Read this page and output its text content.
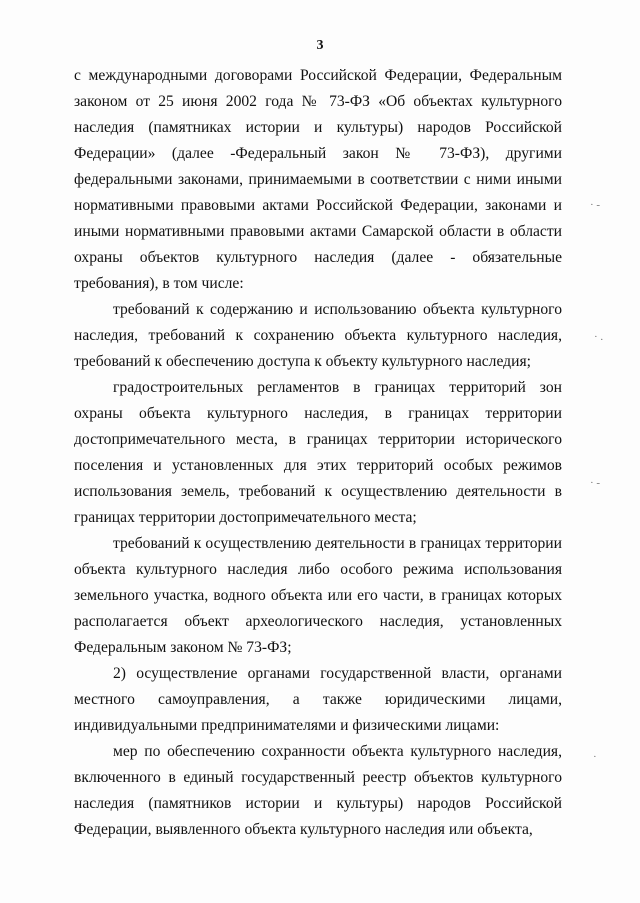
3

с международными договорами Российской Федерации, Федеральным законом от 25 июня 2002 года № 73-ФЗ «Об объектах культурного наследия (памятниках истории и культуры) народов Российской Федерации» (далее -Федеральный закон № 73-ФЗ), другими федеральными законами, принимаемыми в соответствии с ними иными нормативными правовыми актами Российской Федерации, законами и иными нормативными правовыми актами Самарской области в области охраны объектов культурного наследия (далее - обязательные требования), в том числе:

требований к содержанию и использованию объекта культурного наследия, требований к сохранению объекта культурного наследия, требований к обеспечению доступа к объекту культурного наследия;

градостроительных регламентов в границах территорий зон охраны объекта культурного наследия, в границах территории достопримечательного места, в границах территории исторического поселения и установленных для этих территорий особых режимов использования земель, требований к осуществлению деятельности в границах территории достопримечательного места;

требований к осуществлению деятельности в границах территории объекта культурного наследия либо особого режима использования земельного участка, водного объекта или его части, в границах которых располагается объект археологического наследия, установленных Федеральным законом № 73-ФЗ;

2) осуществление органами государственной власти, органами местного самоуправления, а также юридическими лицами, индивидуальными предпринимателями и физическими лицами:

мер по обеспечению сохранности объекта культурного наследия, включенного в единый государственный реестр объектов культурного наследия (памятников истории и культуры) народов Российской Федерации, выявленного объекта культурного наследия или объекта,

· -
· .
· -
·
